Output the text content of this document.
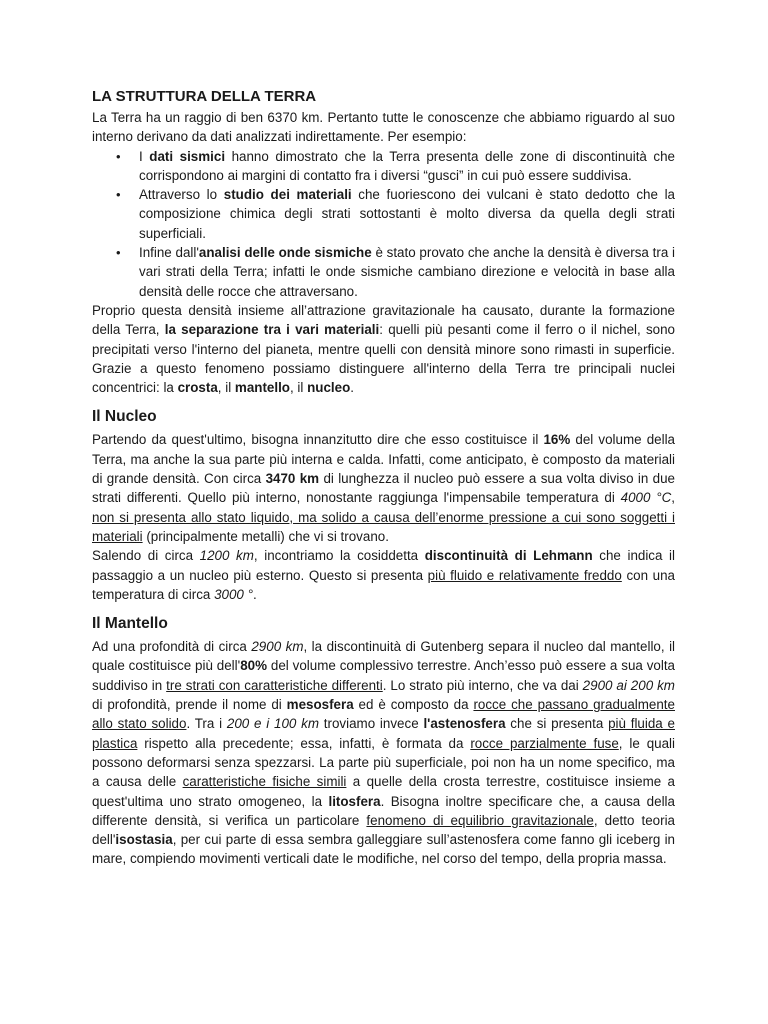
LA STRUTTURA DELLA TERRA

La Terra ha un raggio di ben 6370 km. Pertanto tutte le conoscenze che abbiamo riguardo al suo interno derivano da dati analizzati indirettamente. Per esempio:

• I dati sismici hanno dimostrato che la Terra presenta delle zone di discontinuità che corrispondono ai margini di contatto fra i diversi “gusci” in cui può essere suddivisa.
• Attraverso lo studio dei materiali che fuoriescono dei vulcani è stato dedotto che la composizione chimica degli strati sottostanti è molto diversa da quella degli strati superficiali.
• Infine dall'analisi delle onde sismiche è stato provato che anche la densità è diversa tra i vari strati della Terra; infatti le onde sismiche cambiano direzione e velocità in base alla densità delle rocce che attraversano.

Proprio questa densità insieme all’attrazione gravitazionale ha causato, durante la formazione della Terra, la separazione tra i vari materiali: quelli più pesanti come il ferro o il nichel, sono precipitati verso l'interno del pianeta, mentre quelli con densità minore sono rimasti in superficie. Grazie a questo fenomeno possiamo distinguere all'interno della Terra tre principali nuclei concentrici: la crosta, il mantello, il nucleo.

Il Nucleo

Partendo da quest'ultimo, bisogna innanzitutto dire che esso costituisce il 16% del volume della Terra, ma anche la sua parte più interna e calda. Infatti, come anticipato, è composto da materiali di grande densità. Con circa 3470 km di lunghezza il nucleo può essere a sua volta diviso in due strati differenti. Quello più interno, nonostante raggiunga l'impensabile temperatura di 4000 °C, non si presenta allo stato liquido, ma solido a causa dell’enorme pressione a cui sono soggetti i materiali (principalmente metalli) che vi si trovano.

Salendo di circa 1200 km, incontriamo la cosiddetta discontinuità di Lehmann che indica il passaggio a un nucleo più esterno. Questo si presenta più fluido e relativamente freddo con una temperatura di circa 3000 °.

Il Mantello

Ad una profondità di circa 2900 km, la discontinuità di Gutenberg separa il nucleo dal mantello, il quale costituisce più dell'80% del volume complessivo terrestre. Anch’esso può essere a sua volta suddiviso in tre strati con caratteristiche differenti. Lo strato più interno, che va dai 2900 ai 200 km di profondità, prende il nome di mesosfera ed è composto da rocce che passano gradualmente allo stato solido. Tra i 200 e i 100 km troviamo invece l'astenosfera che si presenta più fluida e plastica rispetto alla precedente; essa, infatti, è formata da rocce parzialmente fuse, le quali possono deformarsi senza spezzarsi. La parte più superficiale, poi non ha un nome specifico, ma a causa delle caratteristiche fisiche simili a quelle della crosta terrestre, costituisce insieme a quest'ultima uno strato omogeneo, la litosfera. Bisogna inoltre specificare che, a causa della differente densità, si verifica un particolare fenomeno di equilibrio gravitazionale, detto teoria dell'isostasia, per cui parte di essa sembra galleggiare sull’astenosfera come fanno gli iceberg in mare, compiendo movimenti verticali date le modifiche, nel corso del tempo, della propria massa.
